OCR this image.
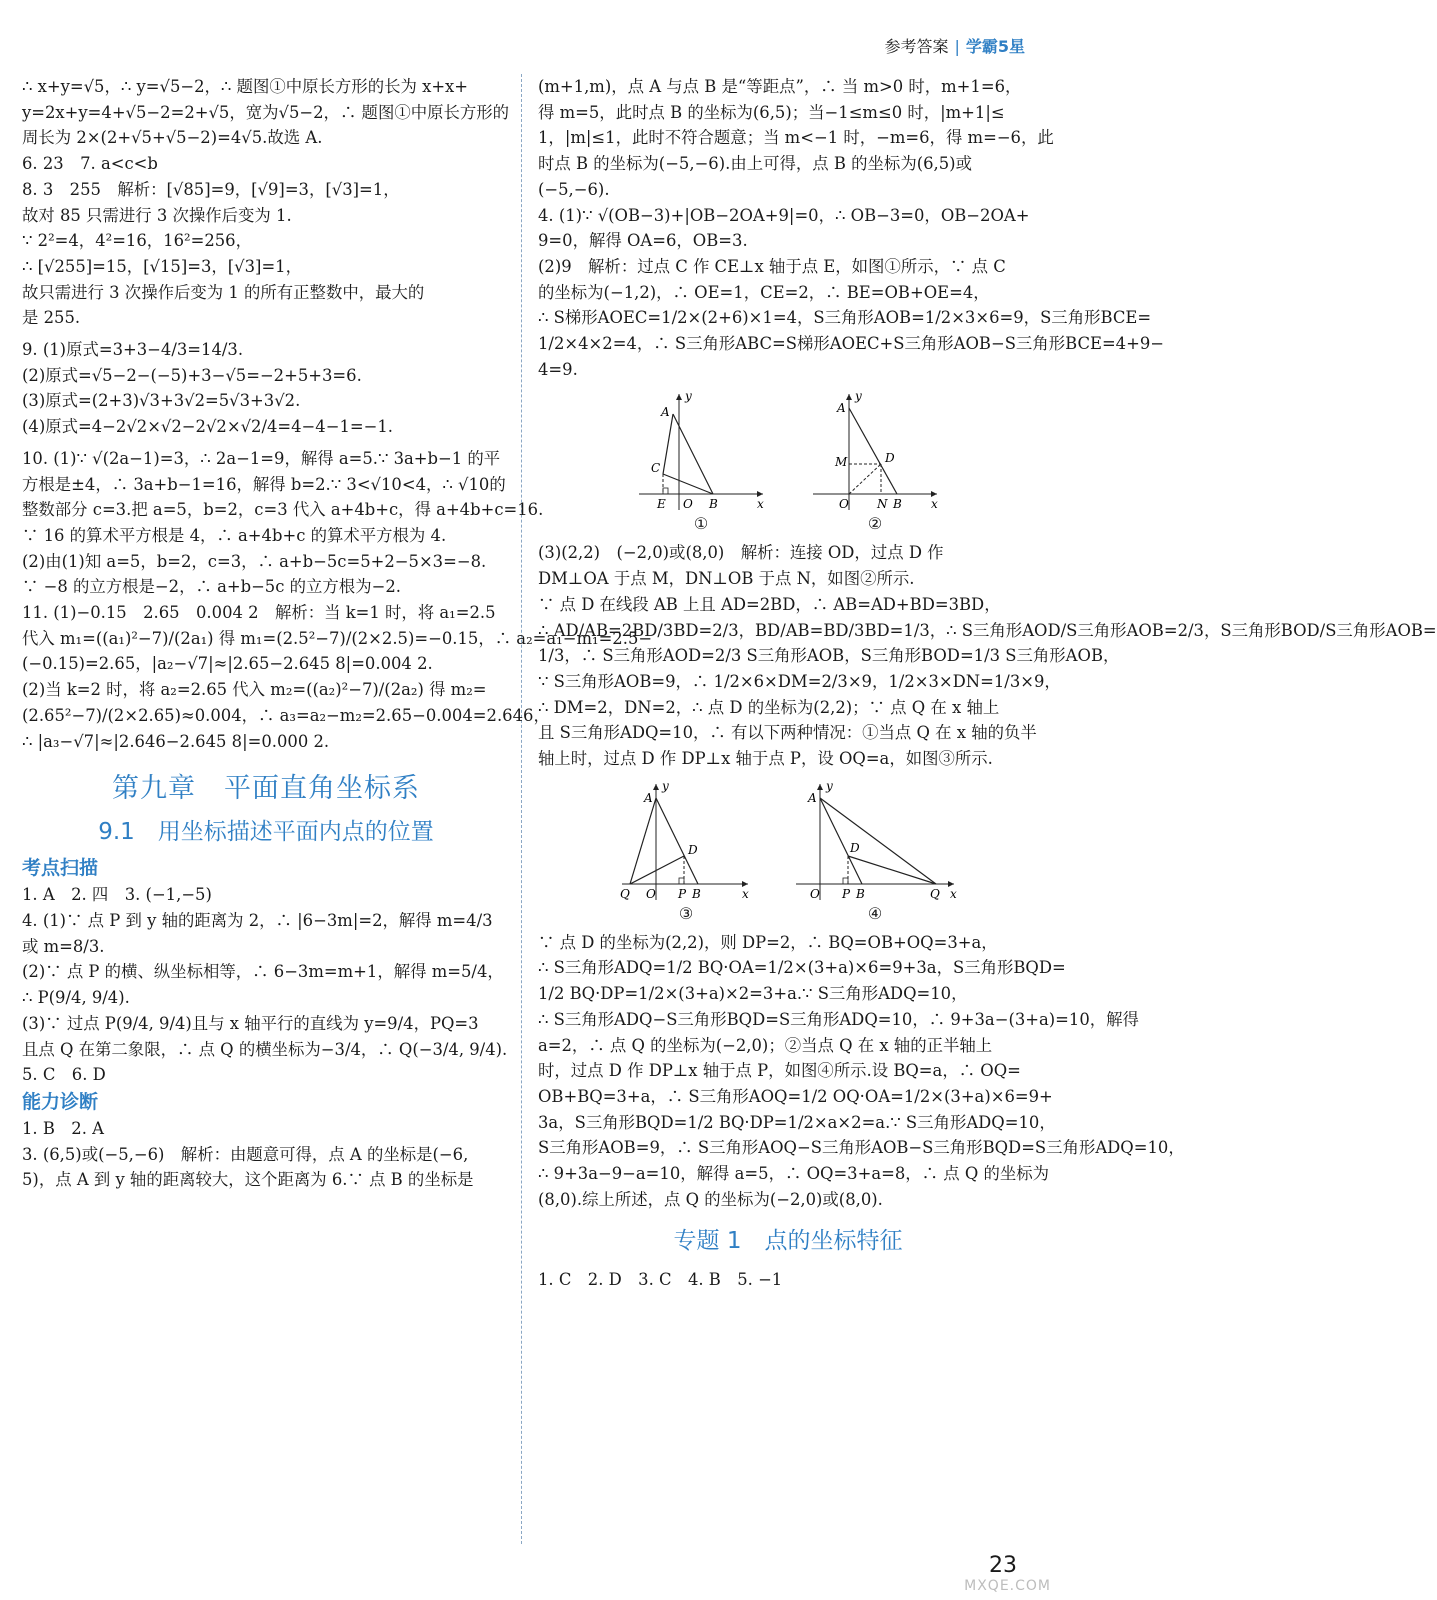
参考答案 | 学霸5星
∴ x+y=√5，∴ y=√5−2，∴ 题图①中原长方形的长为 x+x+
y=2x+y=4+√5−2=2+√5，宽为√5−2，∴ 题图①中原长方形的
周长为 2×(2+√5+√5−2)=4√5.故选 A.
6. 23　7. a<c<b
8. 3　255　解析：[√85]=9，[√9]=3，[√3]=1，
故对 85 只需进行 3 次操作后变为 1.
∵ 2²=4，4²=16，16²=256，
∴ [√255]=15，[√15]=3，[√3]=1，
故只需进行 3 次操作后变为 1 的所有正整数中，最大的
是 255.
9. (1)原式=3+3−4/3=14/3.
(2)原式=√5−2−(−5)+3−√5=−2+5+3=6.
(3)原式=(2+3)√3+3√2=5√3+3√2.
(4)原式=4−2√2×√2−2√2×√2/4=4−4−1=−1.
10. (1)∵ √(2a−1)=3，∴ 2a−1=9，解得 a=5.∵ 3a+b−1 的平
方根是±4，∴ 3a+b−1=16，解得 b=2.∵ 3<√10<4，∴ √10的
整数部分 c=3.把 a=5，b=2，c=3 代入 a+4b+c，得 a+4b+c=16.
∵ 16 的算术平方根是 4，∴ a+4b+c 的算术平方根为 4.
(2)由(1)知 a=5，b=2，c=3，∴ a+b−5c=5+2−5×3=−8.
∵ −8 的立方根是−2，∴ a+b−5c 的立方根为−2.
11. (1)−0.15　2.65　0.004 2　解析：当 k=1 时，将 a₁=2.5
代入 m₁=((a₁)²−7)/(2a₁) 得 m₁=(2.5²−7)/(2×2.5)=−0.15，∴ a₂=a₁−m₁=2.5−
(−0.15)=2.65，|a₂−√7|≈|2.65−2.645 8|=0.004 2.
(2)当 k=2 时，将 a₂=2.65 代入 m₂=((a₂)²−7)/(2a₂) 得 m₂=
(2.65²−7)/(2×2.65)≈0.004，∴ a₃=a₂−m₂=2.65−0.004=2.646，
∴ |a₃−√7|≈|2.646−2.645 8|=0.000 2.
第九章　平面直角坐标系
9.1　用坐标描述平面内点的位置
考点扫描
1. A　2. 四　3. (−1,−5)
4. (1)∵ 点 P 到 y 轴的距离为 2，∴ |6−3m|=2，解得 m=4/3
或 m=8/3.
(2)∵ 点 P 的横、纵坐标相等，∴ 6−3m=m+1，解得 m=5/4，
∴ P(9/4, 9/4).
(3)∵ 过点 P(9/4, 9/4)且与 x 轴平行的直线为 y=9/4，PQ=3
且点 Q 在第二象限，∴ 点 Q 的横坐标为−3/4，∴ Q(−3/4, 9/4).
5. C　6. D
能力诊断
1. B　2. A
3. (6,5)或(−5,−6)　解析：由题意可得，点 A 的坐标是(−6,
5)，点 A 到 y 轴的距离较大，这个距离为 6.∵ 点 B 的坐标是
(m+1,m)，点 A 与点 B 是“等距点”，∴ 当 m>0 时，m+1=6，
得 m=5，此时点 B 的坐标为(6,5)；当−1≤m≤0 时，|m+1|≤
1，|m|≤1，此时不符合题意；当 m<−1 时，−m=6，得 m=−6，此
时点 B 的坐标为(−5,−6).由上可得，点 B 的坐标为(6,5)或
(−5,−6).
4. (1)∵ √(OB−3)+|OB−2OA+9|=0，∴ OB−3=0，OB−2OA+
9=0，解得 OA=6，OB=3.
(2)9　解析：过点 C 作 CE⊥x 轴于点 E，如图①所示，∵ 点 C
的坐标为(−1,2)，∴ OE=1，CE=2，∴ BE=OB+OE=4，
∴ S梯形AOEC=1/2×(2+6)×1=4，S三角形AOB=1/2×3×6=9，S三角形BCE=
1/2×4×2=4，∴ S三角形ABC=S梯形AOEC+S三角形AOB−S三角形BCE=4+9−
4=9.
A
C
E O B	x
y
①
A
M	D
O N B x
y
②
(3)(2,2)　(−2,0)或(8,0)　解析：连接 OD，过点 D 作
DM⊥OA 于点 M，DN⊥OB 于点 N，如图②所示.
∵ 点 D 在线段 AB 上且 AD=2BD，∴ AB=AD+BD=3BD，
∴ AD/AB=2BD/3BD=2/3，BD/AB=BD/3BD=1/3，∴ S三角形AOD/S三角形AOB=2/3，S三角形BOD/S三角形AOB=
1/3，∴ S三角形AOD=2/3 S三角形AOB，S三角形BOD=1/3 S三角形AOB，
∵ S三角形AOB=9，∴ 1/2×6×DM=2/3×9，1/2×3×DN=1/3×9，
∴ DM=2，DN=2，∴ 点 D 的坐标为(2,2)；∵ 点 Q 在 x 轴上
且 S三角形ADQ=10，∴ 有以下两种情况：①当点 Q 在 x 轴的负半
轴上时，过点 D 作 DP⊥x 轴于点 P，设 OQ=a，如图③所示.
A
D
Q O P B	x
y
③
A
D
O P B	Q x
y
④
∵ 点 D 的坐标为(2,2)，则 DP=2，∴ BQ=OB+OQ=3+a，
∴ S三角形ADQ=1/2 BQ·OA=1/2×(3+a)×6=9+3a，S三角形BQD=
1/2 BQ·DP=1/2×(3+a)×2=3+a.∵ S三角形ADQ=10，
∴ S三角形ADQ−S三角形BQD=S三角形ADQ=10，∴ 9+3a−(3+a)=10，解得
a=2，∴ 点 Q 的坐标为(−2,0)；②当点 Q 在 x 轴的正半轴上
时，过点 D 作 DP⊥x 轴于点 P，如图④所示.设 BQ=a，∴ OQ=
OB+BQ=3+a，∴ S三角形AOQ=1/2 OQ·OA=1/2×(3+a)×6=9+
3a，S三角形BQD=1/2 BQ·DP=1/2×a×2=a.∵ S三角形ADQ=10，
S三角形AOB=9，∴ S三角形AOQ−S三角形AOB−S三角形BQD=S三角形ADQ=10，
∴ 9+3a−9−a=10，解得 a=5，∴ OQ=3+a=8，∴ 点 Q 的坐标为
(8,0).综上所述，点 Q 的坐标为(−2,0)或(8,0).
专题 1　点的坐标特征
1. C　2. D　3. C　4. B　5. −1
23
MXQE.COM
